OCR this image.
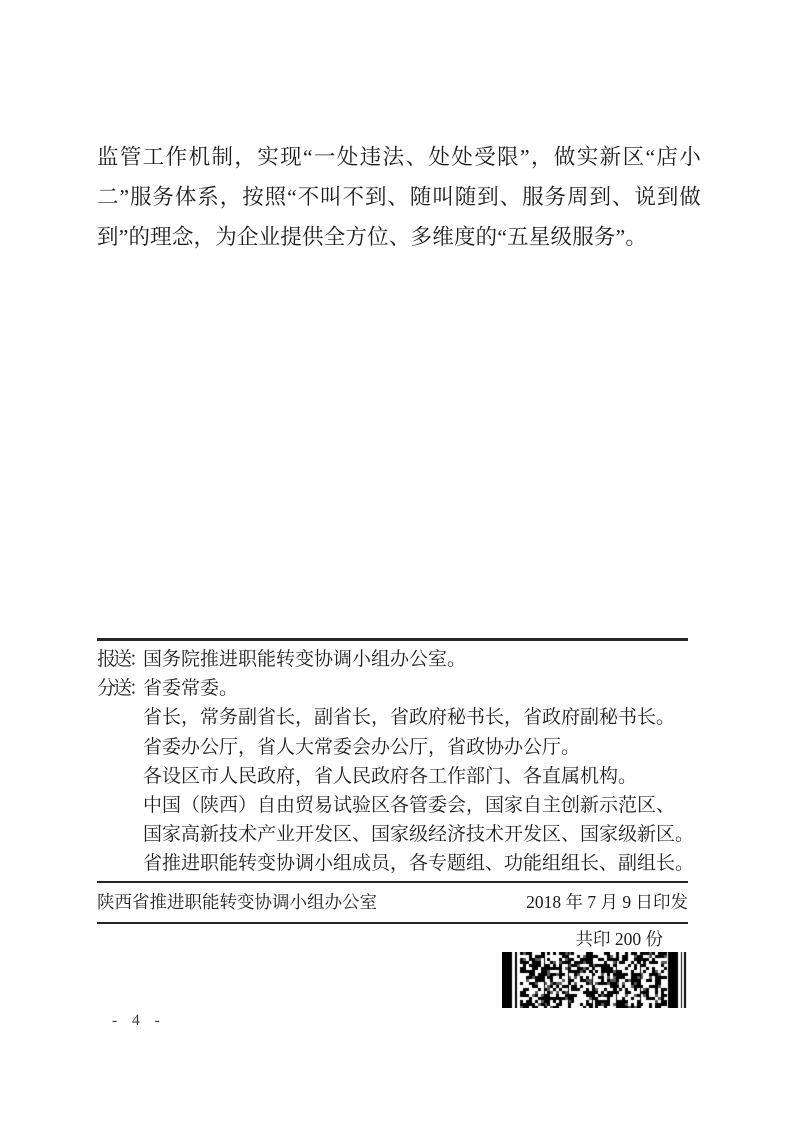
监管工作机制，实现“一处违法、处处受限”，做实新区“店小
二”服务体系，按照“不叫不到、随叫随到、服务周到、说到做
到”的理念，为企业提供全方位、多维度的“五星级服务”。
报送：
国务院推进职能转变协调小组办公室。
分送：
省委常委。
省长，常务副省长，副省长，省政府秘书长，省政府副秘书长。
省委办公厅，省人大常委会办公厅，省政协办公厅。
各设区市人民政府，省人民政府各工作部门、各直属机构。
中国（陕西）自由贸易试验区各管委会，国家自主创新示范区、
国家高新技术产业开发区、国家级经济技术开发区、国家级新区。
省推进职能转变协调小组成员，各专题组、功能组组长、副组长。
陕西省推进职能转变协调小组办公室	2018 年 7 月 9 日印发
共印 200 份
- 4 -
